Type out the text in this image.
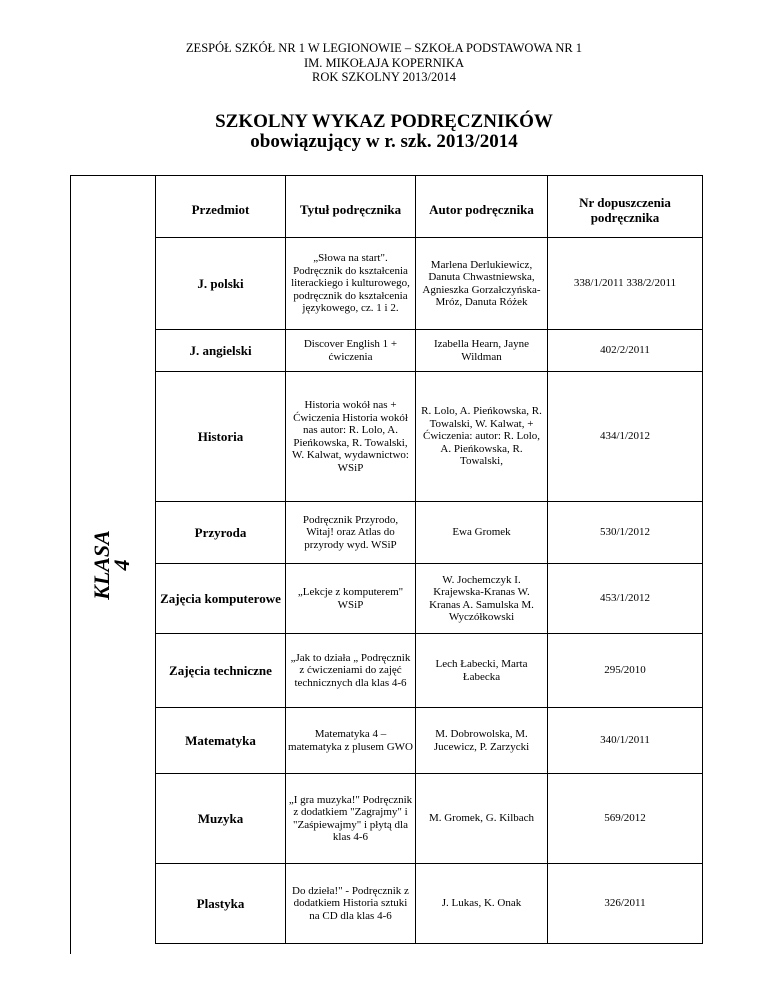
ZESPÓŁ SZKÓŁ NR 1 W LEGIONOWIE – SZKOŁA PODSTAWOWA NR 1
IM. MIKOŁAJA KOPERNIKA
ROK SZKOLNY 2013/2014
SZKOLNY WYKAZ PODRĘCZNIKÓW
obowiązujący w r. szk. 2013/2014
KLASA
4
Przedmiot	Tytuł podręcznika	Autor podręcznika	Nr dopuszczenia podręcznika
J. polski	„Słowa na start". Podręcznik do kształcenia literackiego i kulturowego, podręcznik do kształcenia językowego, cz. 1 i 2.	Marlena Derlukiewicz, Danuta Chwastniewska, Agnieszka Gorzałczyńska-Mróz, Danuta Różek	338/1/2011 338/2/2011
J. angielski	Discover English 1 + ćwiczenia	Izabella Hearn, Jayne Wildman	402/2/2011
Historia	Historia wokół nas + Ćwiczenia Historia wokół nas autor: R. Lolo, A. Pieńkowska, R. Towalski, W. Kalwat, wydawnictwo: WSiP	R. Lolo, A. Pieńkowska, R. Towalski, W. Kalwat, + Ćwiczenia: autor: R. Lolo, A. Pieńkowska, R. Towalski,	434/1/2012
Przyroda	Podręcznik Przyrodo, Witaj! oraz Atlas do przyrody wyd. WSiP	Ewa Gromek	530/1/2012
Zajęcia komputerowe	„Lekcje z komputerem" WSiP	W. Jochemczyk I. Krajewska-Kranas W. Kranas A. Samulska M. Wyczółkowski	453/1/2012
Zajęcia techniczne	„Jak to działa „ Podręcznik z ćwiczeniami do zajęć technicznych dla klas 4-6	Lech Łabecki, Marta Łabecka	295/2010
Matematyka	Matematyka 4 – matematyka z plusem GWO	M. Dobrowolska, M. Jucewicz, P. Zarzycki	340/1/2011
Muzyka	„I gra muzyka!" Podręcznik z dodatkiem "Zagrajmy" i "Zaśpiewajmy" i płytą dla klas 4-6	M. Gromek, G. Kilbach	569/2012
Plastyka	Do dzieła!" - Podręcznik z dodatkiem Historia sztuki na CD dla klas 4-6	J. Lukas, K. Onak	326/2011
